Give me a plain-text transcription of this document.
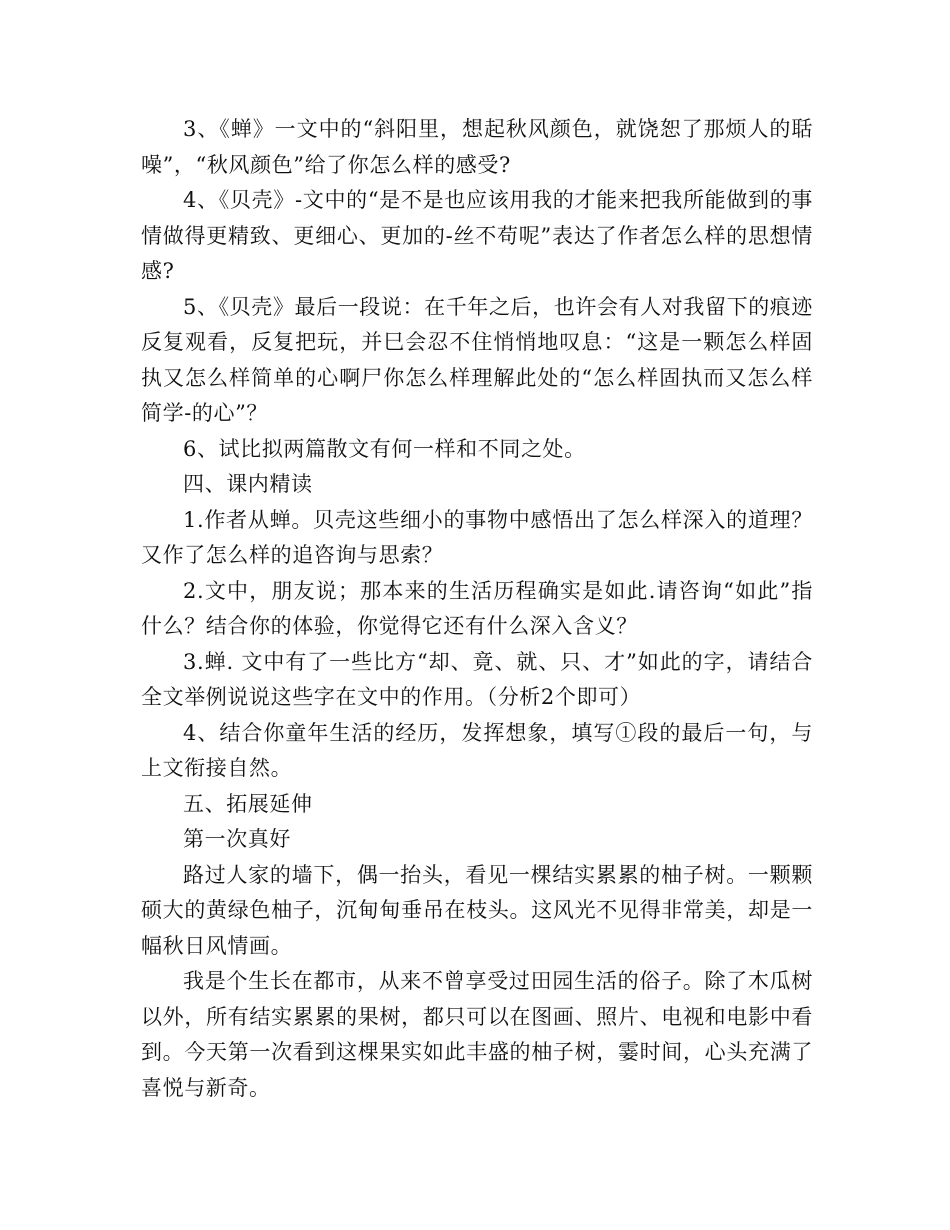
3、《蝉》一文中的“斜阳里，想起秋风颜色，就饶恕了那烦人的聒噪”，“秋风颜色”给了你怎么样的感受?

4、《贝壳》-文中的“是不是也应该用我的才能来把我所能做到的事情做得更精致、更细心、更加的-丝不苟呢”表达了作者怎么样的思想情感?

5、《贝壳》最后一段说：在千年之后，也许会有人对我留下的痕迹反复观看，反复把玩，并巳会忍不住悄悄地叹息：“这是一颗怎么样固执又怎么样简单的心啊尸你怎么样理解此处的“怎么样固执而又怎么样简学-的心”？

6、试比拟两篇散文有何一样和不同之处。

四、课内精读

1.作者从蝉。贝壳这些细小的事物中感悟出了怎么样深入的道理？又作了怎么样的追咨询与思索？

2.文中，朋友说；那本来的生活历程确实是如此.请咨询“如此”指什么？结合你的体验，你觉得它还有什么深入含义？

3.蝉. 文中有了一些比方“却、竟、就、只、才”如此的字，请结合全文举例说说这些字在文中的作用。（分析2个即可）

4、结合你童年生活的经历，发挥想象，填写①段的最后一句，与上文衔接自然。

五、拓展延伸

第一次真好

路过人家的墙下，偶一抬头，看见一棵结实累累的柚子树。一颗颗硕大的黄绿色柚子，沉甸甸垂吊在枝头。这风光不见得非常美，却是一幅秋日风情画。

我是个生长在都市，从来不曾享受过田园生活的俗子。除了木瓜树以外，所有结实累累的果树，都只可以在图画、照片、电视和电影中看到。今天第一次看到这棵果实如此丰盛的柚子树，霎时间，心头充满了喜悦与新奇。
